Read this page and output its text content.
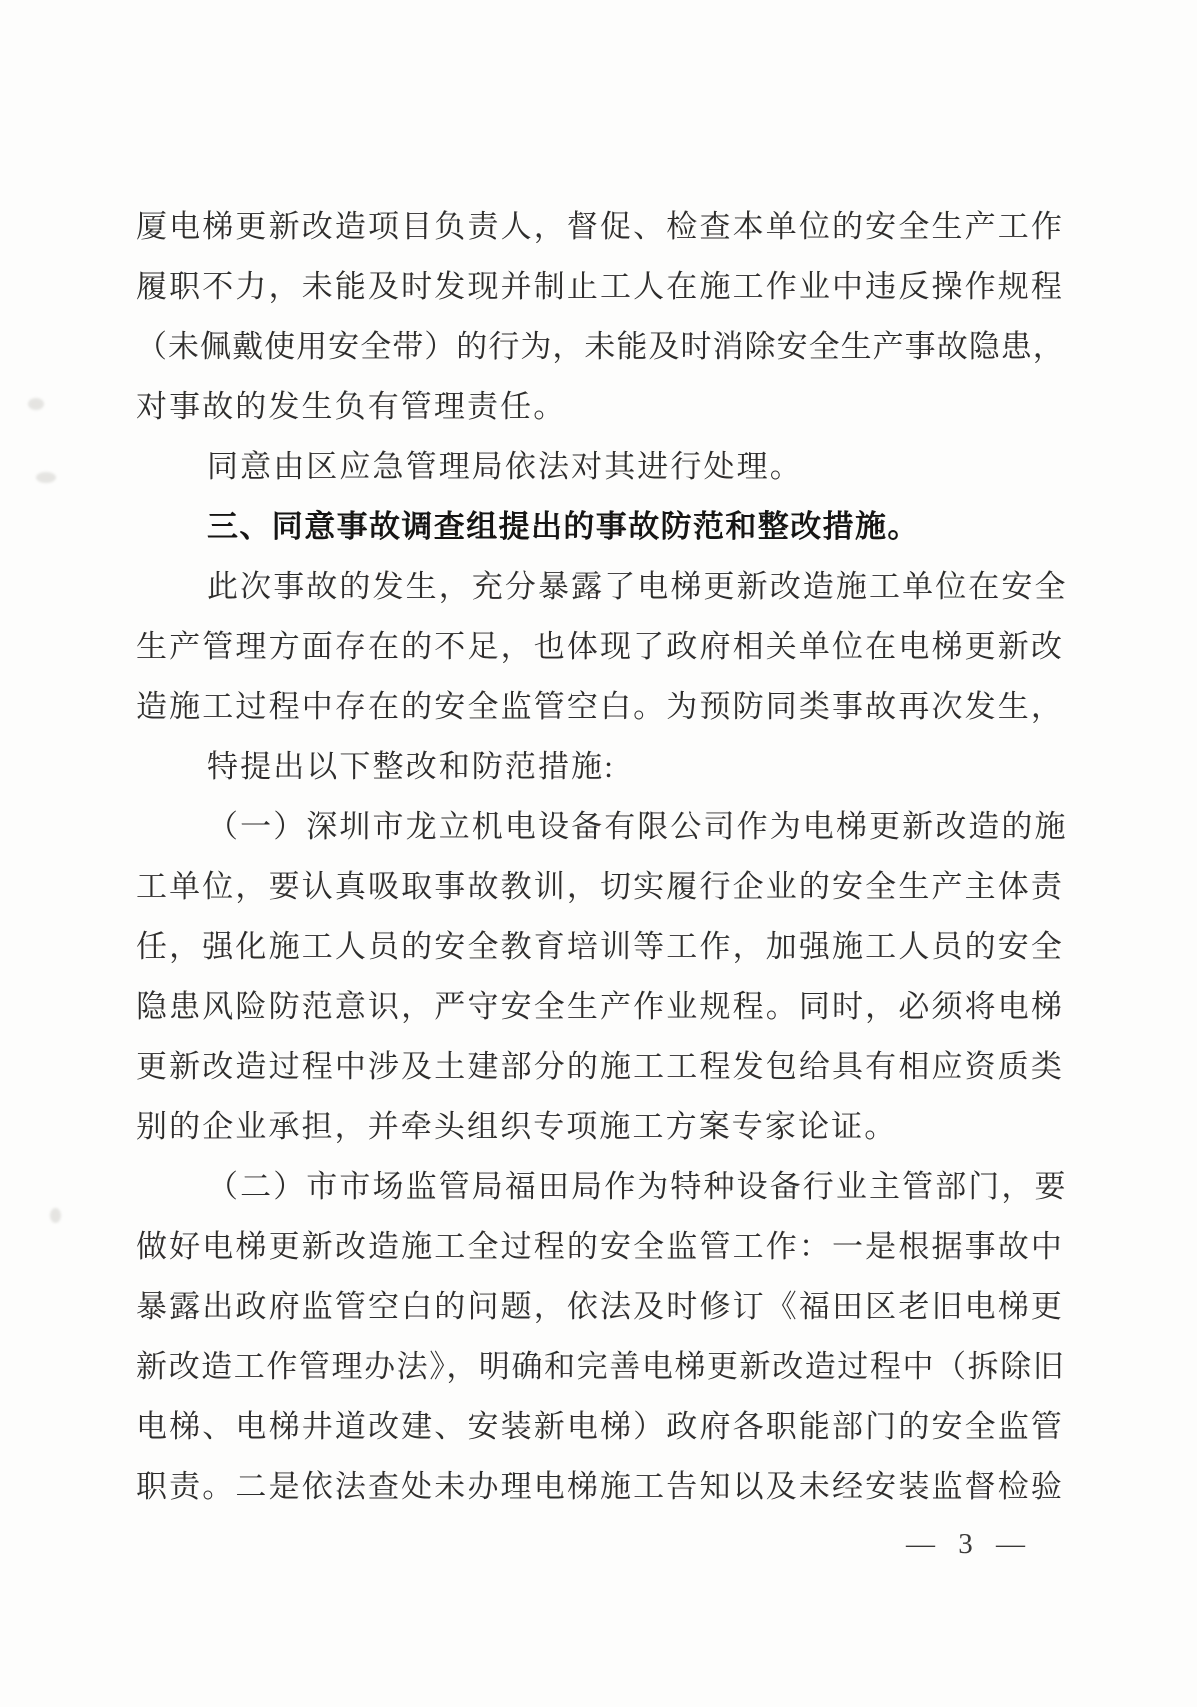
厦电梯更新改造项目负责人，督促、检查本单位的安全生产工作
履职不力，未能及时发现并制止工人在施工作业中违反操作规程
（未佩戴使用安全带）的行为，未能及时消除安全生产事故隐患，
对事故的发生负有管理责任。
同意由区应急管理局依法对其进行处理。
三、同意事故调查组提出的事故防范和整改措施。
此次事故的发生，充分暴露了电梯更新改造施工单位在安全
生产管理方面存在的不足，也体现了政府相关单位在电梯更新改
造施工过程中存在的安全监管空白。为预防同类事故再次发生，
特提出以下整改和防范措施:
（一）深圳市龙立机电设备有限公司作为电梯更新改造的施
工单位，要认真吸取事故教训，切实履行企业的安全生产主体责
任，强化施工人员的安全教育培训等工作，加强施工人员的安全
隐患风险防范意识，严守安全生产作业规程。同时，必须将电梯
更新改造过程中涉及土建部分的施工工程发包给具有相应资质类
别的企业承担，并牵头组织专项施工方案专家论证。
（二）市市场监管局福田局作为特种设备行业主管部门，要
做好电梯更新改造施工全过程的安全监管工作：一是根据事故中
暴露出政府监管空白的问题，依法及时修订《福田区老旧电梯更
新改造工作管理办法》，明确和完善电梯更新改造过程中（拆除旧
电梯、电梯井道改建、安装新电梯）政府各职能部门的安全监管
职责。二是依法查处未办理电梯施工告知以及未经安装监督检验
— 3 —
